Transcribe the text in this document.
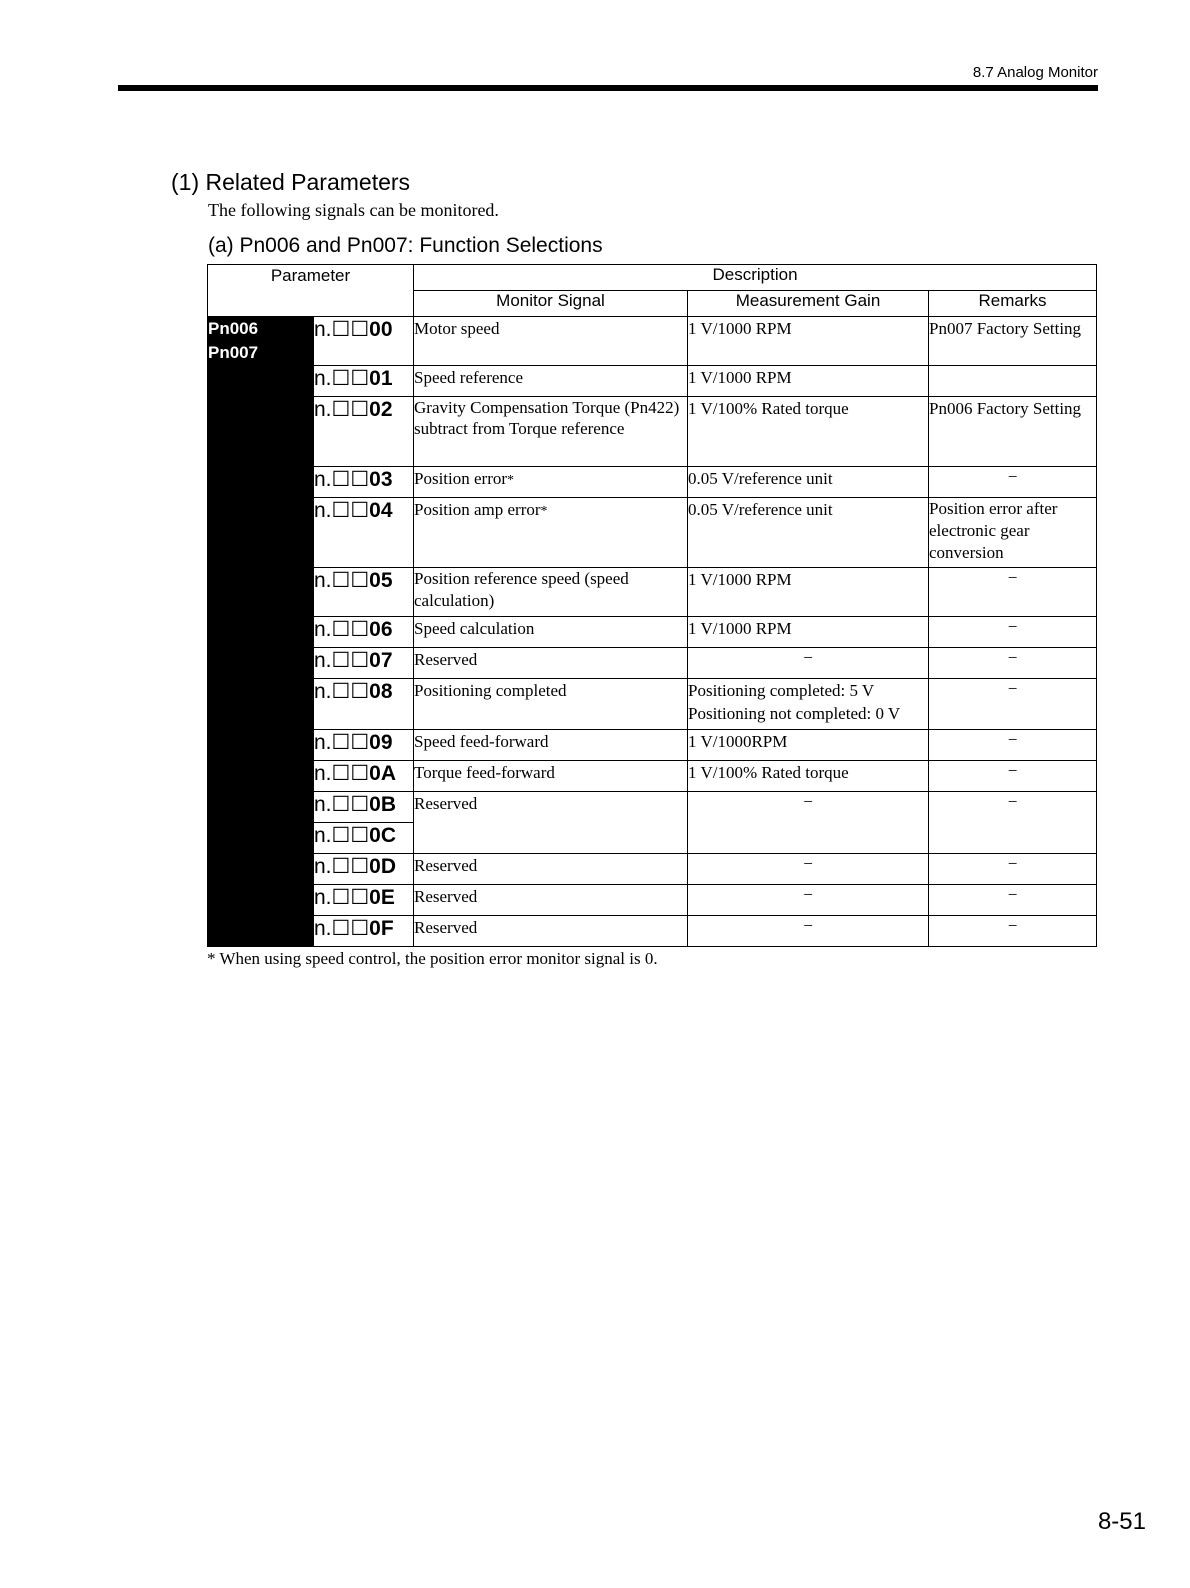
8.7 Analog Monitor
(1) Related Parameters
The following signals can be monitored.
(a) Pn006 and Pn007: Function Selections
Parameter		Description		
		Monitor Signal	Measurement Gain	Remarks

Pn006
Pn007	n.☐☐00	Motor speed	1 V/1000 RPM	Pn007 Factory Setting
	n.☐☐01	Speed reference	1 V/1000 RPM	
	n.☐☐02	Gravity Compensation Torque (Pn422) subtract from Torque reference	1 V/100% Rated torque	Pn006 Factory Setting
	n.☐☐03	Position error*	0.05 V/reference unit	−
	n.☐☐04	Position amp error*	0.05 V/reference unit	Position error after electronic gear conversion
	n.☐☐05	Position reference speed (speed calculation)	1 V/1000 RPM	−
	n.☐☐06	Speed calculation	1 V/1000 RPM	−
	n.☐☐07	Reserved	−	−
	n.☐☐08	Positioning completed	Positioning completed: 5 V
Positioning not completed: 0 V	−
	n.☐☐09	Speed feed-forward	1 V/1000RPM	−
	n.☐☐0A	Torque feed-forward	1 V/100% Rated torque	−
	n.☐☐0B	Reserved	−	−
	n.☐☐0C			
	n.☐☐0D	Reserved	−	−
	n.☐☐0E	Reserved	−	−
	n.☐☐0F	Reserved	−	−
* When using speed control, the position error monitor signal is 0.
8-51
